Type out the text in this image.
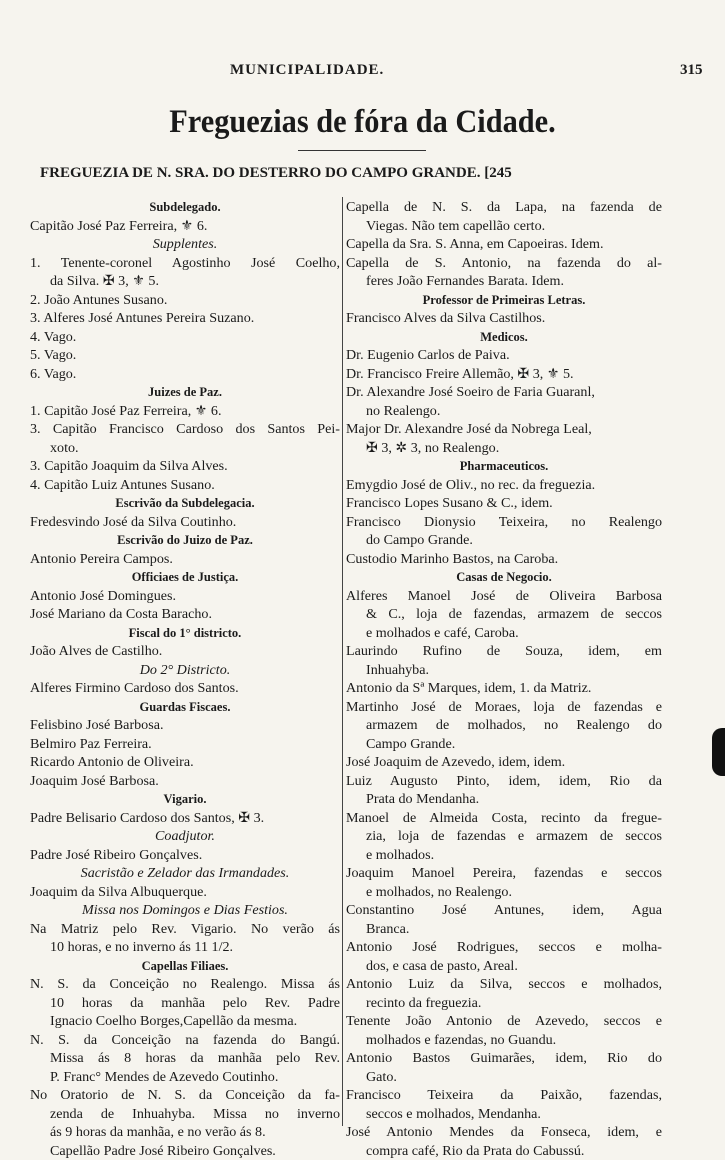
MUNICIPALIDADE.	315
Freguezias de fóra da Cidade.
FREGUEZIA DE N. SRA. DO DESTERRO DO CAMPO GRANDE. [245
Subdelegado.
Capitão José Paz Ferreira, ⚜ 6.
Supplentes.
1. Tenente-coronel Agostinho José Coelho,
da Silva. ✠ 3, ⚜ 5.
2. João Antunes Susano.
3. Alferes José Antunes Pereira Suzano.
4. Vago.
5. Vago.
6. Vago.
Juizes de Paz.
1. Capitão José Paz Ferreira, ⚜ 6.
3. Capitão Francisco Cardoso dos Santos Pei-
xoto.
3. Capitão Joaquim da Silva Alves.
4. Capitão Luiz Antunes Susano.
Escrivão da Subdelegacia.
Fredesvindo José da Silva Coutinho.
Escrivão do Juizo de Paz.
Antonio Pereira Campos.
Officiaes de Justiça.
Antonio José Domingues.
José Mariano da Costa Baracho.
Fiscal do 1° districto.
João Alves de Castilho.
Do 2° Districto.
Alferes Firmino Cardoso dos Santos.
Guardas Fiscaes.
Felisbino José Barbosa.
Belmiro Paz Ferreira.
Ricardo Antonio de Oliveira.
Joaquim José Barbosa.
Vigario.
Padre Belisario Cardoso dos Santos, ✠ 3.
Coadjutor.
Padre José Ribeiro Gonçalves.
Sacristão e Zelador das Irmandades.
Joaquim da Silva Albuquerque.
Missa nos Domingos e Dias Festios.
Na Matriz pelo Rev. Vigario. No verão ás
10 horas, e no inverno ás 11 1/2.
Capellas Filiaes.
N. S. da Conceição no Realengo. Missa ás
10 horas da manhãa pelo Rev. Padre
Ignacio Coelho Borges,Capellão da mesma.
N. S. da Conceição na fazenda do Bangú.
Missa ás 8 horas da manhãa pelo Rev.
P. Franc° Mendes de Azevedo Coutinho.
No Oratorio de N. S. da Conceição da fa-
zenda de Inhuahyba. Missa no inverno
ás 9 horas da manhãa, e no verão ás 8.
Capellão Padre José Ribeiro Gonçalves.
Capella de N. S. da Lapa, na fazenda de
Viegas. Não tem capellão certo.
Capella da Sra. S. Anna, em Capoeiras. Idem.
Capella de S. Antonio, na fazenda do al-
feres João Fernandes Barata. Idem.
Professor de Primeiras Letras.
Francisco Alves da Silva Castilhos.
Medicos.
Dr. Eugenio Carlos de Paiva.
Dr. Francisco Freire Allemão, ✠ 3, ⚜ 5.
Dr. Alexandre José Soeiro de Faria Guaranl,
no Realengo.
Major Dr. Alexandre José da Nobrega Leal,
✠ 3, ✲ 3, no Realengo.
Pharmaceuticos.
Emygdio José de Oliv., no rec. da freguezia.
Francisco Lopes Susano & C., idem.
Francisco Dionysio Teixeira, no Realengo
do Campo Grande.
Custodio Marinho Bastos, na Caroba.
Casas de Negocio.
Alferes Manoel José de Oliveira Barbosa
& C., loja de fazendas, armazem de seccos
e molhados e café, Caroba.
Laurindo Rufino de Souza, idem, em
Inhuahyba.
Antonio da Sª Marques, idem, 1. da Matriz.
Martinho José de Moraes, loja de fazendas e
armazem de molhados, no Realengo do
Campo Grande.
José Joaquim de Azevedo, idem, idem.
Luiz Augusto Pinto, idem, idem, Rio da
Prata do Mendanha.
Manoel de Almeida Costa, recinto da fregue-
zia, loja de fazendas e armazem de seccos
e molhados.
Joaquim Manoel Pereira, fazendas e seccos
e molhados, no Realengo.
Constantino José Antunes, idem, Agua
Branca.
Antonio José Rodrigues, seccos e molha-
dos, e casa de pasto, Areal.
Antonio Luiz da Silva, seccos e molhados,
recinto da freguezia.
Tenente João Antonio de Azevedo, seccos e
molhados e fazendas, no Guandu.
Antonio Bastos Guimarães, idem, Rio do
Gato.
Francisco Teixeira da Paixão, fazendas,
seccos e molhados, Mendanha.
José Antonio Mendes da Fonseca, idem, e
compra café, Rio da Prata do Cabussú.
